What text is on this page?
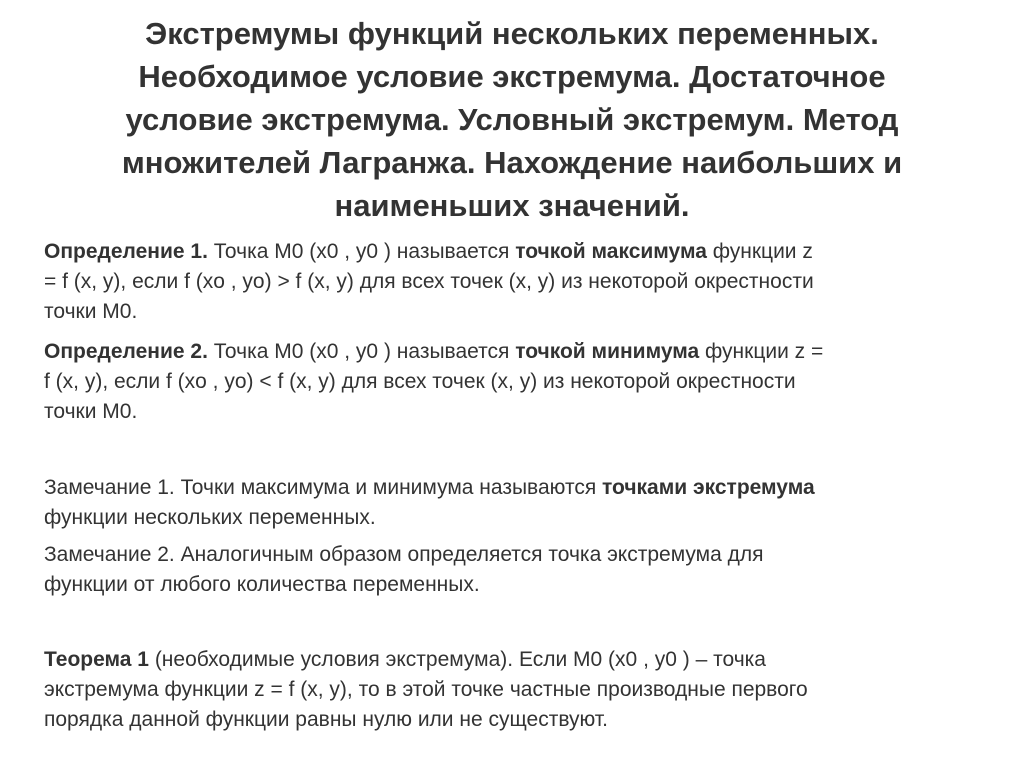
Экстремумы функций нескольких переменных.
Необходимое условие экстремума. Достаточное
условие экстремума. Условный экстремум. Метод
множителей Лагранжа. Нахождение наибольших и
наименьших значений.
Определение 1. Точка М0 (x0 , y0 ) называется точкой максимума функции z
= f (x, y), если f (xo , yo) > f (x, y) для всех точек (x, y) из некоторой окрестности
точки М0.
Определение 2. Точка М0 (x0 , y0 ) называется точкой минимума функции z =
f (x, y), если f (xo , yo) < f (x, y) для всех точек (x, y) из некоторой окрестности
точки М0.
Замечание 1. Точки максимума и минимума называются точками экстремума
функции нескольких переменных.
Замечание 2. Аналогичным образом определяется точка экстремума для
функции от любого количества переменных.
Теорема 1 (необходимые условия экстремума). Если М0 (x0 , y0 ) – точка
экстремума функции z = f (x, y), то в этой точке частные производные первого
порядка данной функции равны нулю или не существуют.
